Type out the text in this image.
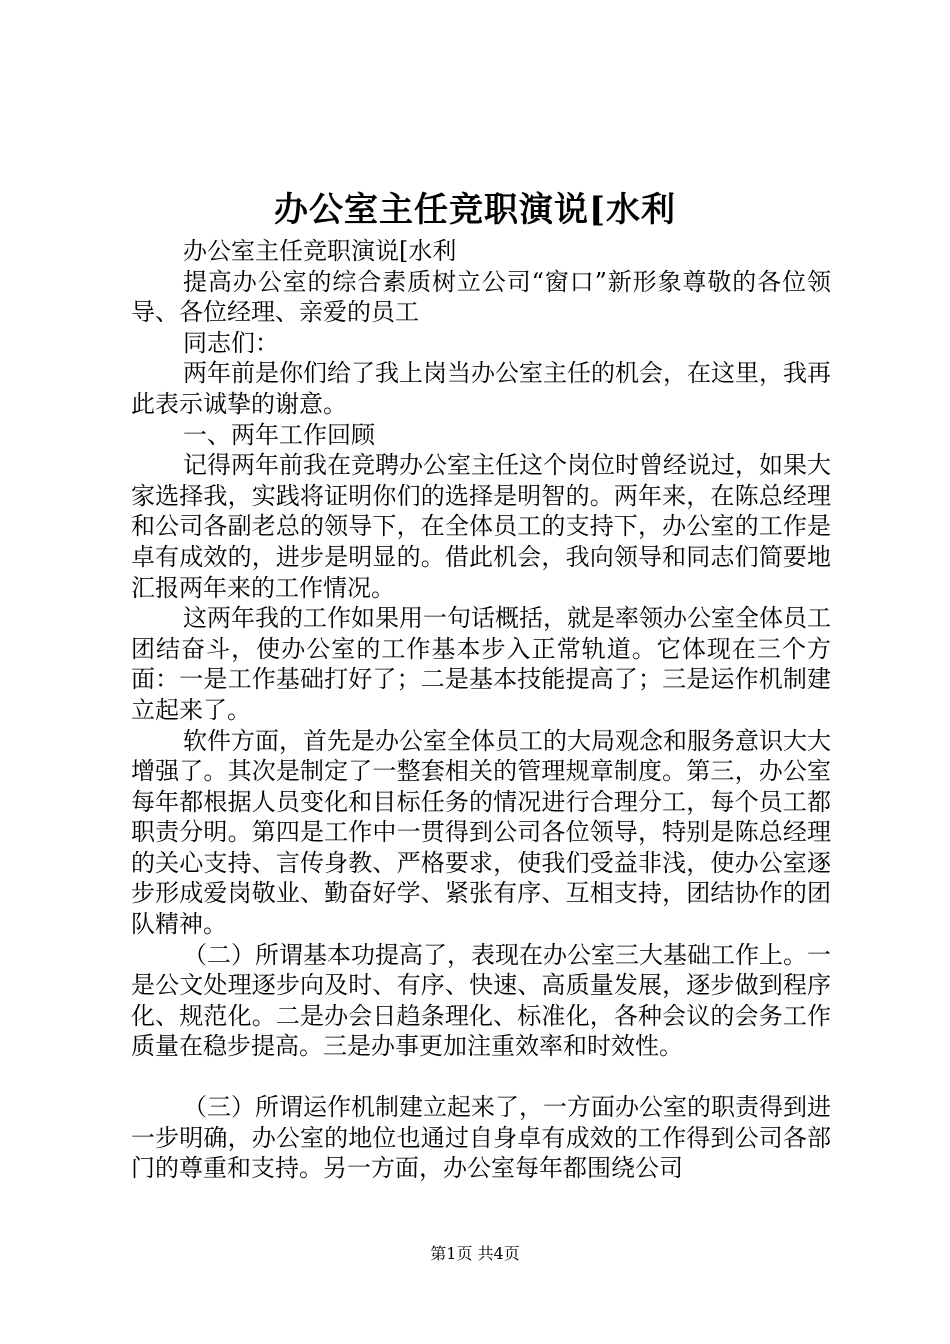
办公室主任竞职演说[水利

办公室主任竞职演说[水利

提高办公室的综合素质树立公司“窗口”新形象尊敬的各位领导、各位经理、亲爱的员工

同志们：

两年前是你们给了我上岗当办公室主任的机会，在这里，我再此表示诚挚的谢意。

一、两年工作回顾

记得两年前我在竞聘办公室主任这个岗位时曾经说过，如果大家选择我，实践将证明你们的选择是明智的。两年来，在陈总经理和公司各副老总的领导下，在全体员工的支持下，办公室的工作是卓有成效的，进步是明显的。借此机会，我向领导和同志们简要地汇报两年来的工作情况。

这两年我的工作如果用一句话概括，就是率领办公室全体员工团结奋斗，使办公室的工作基本步入正常轨道。它体现在三个方面：一是工作基础打好了；二是基本技能提高了；三是运作机制建立起来了。

软件方面，首先是办公室全体员工的大局观念和服务意识大大增强了。其次是制定了一整套相关的管理规章制度。第三，办公室每年都根据人员变化和目标任务的情况进行合理分工，每个员工都职责分明。第四是工作中一贯得到公司各位领导，特别是陈总经理的关心支持、言传身教、严格要求，使我们受益非浅，使办公室逐步形成爱岗敬业、勤奋好学、紧张有序、互相支持，团结协作的团队精神。

（二）所谓基本功提高了，表现在办公室三大基础工作上。一是公文处理逐步向及时、有序、快速、高质量发展，逐步做到程序化、规范化。二是办会日趋条理化、标准化，各种会议的会务工作质量在稳步提高。三是办事更加注重效率和时效性。

（三）所谓运作机制建立起来了，一方面办公室的职责得到进一步明确，办公室的地位也通过自身卓有成效的工作得到公司各部门的尊重和支持。另一方面，办公室每年都围绕公司

第1页 共4页
